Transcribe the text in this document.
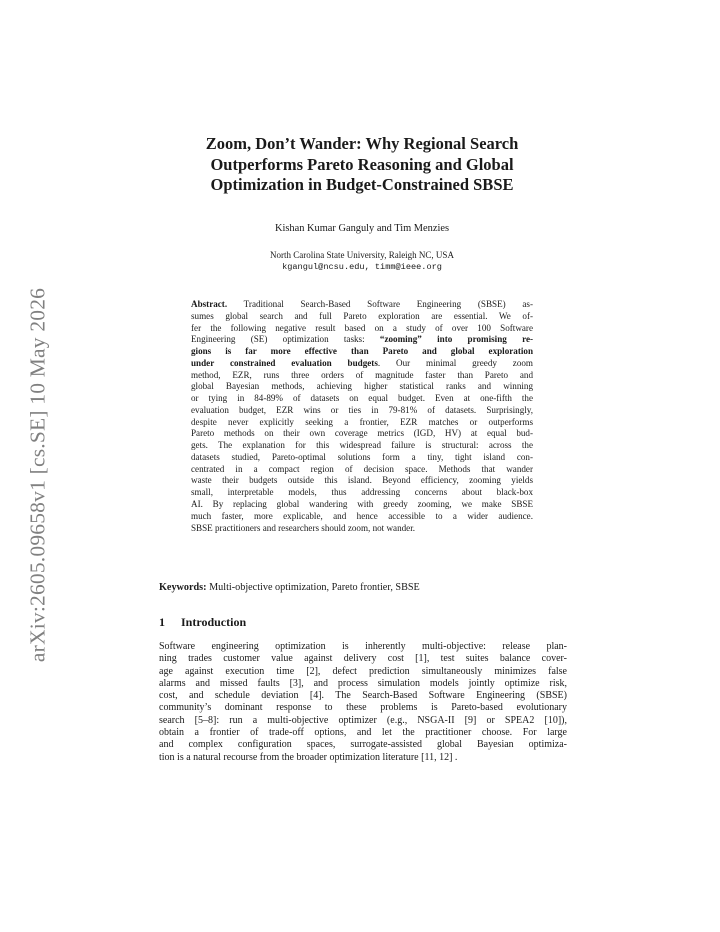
arXiv:2605.09658v1 [cs.SE] 10 May 2026
Zoom, Don’t Wander: Why Regional Search
Outperforms Pareto Reasoning and Global
Optimization in Budget-Constrained SBSE
Kishan Kumar Ganguly and Tim Menzies
North Carolina State University, Raleigh NC, USA
kgangul@ncsu.edu, timm@ieee.org
Abstract. Traditional Search-Based Software Engineering (SBSE) as-
sumes global search and full Pareto exploration are essential. We of-
fer the following negative result based on a study of over 100 Software
Engineering (SE) optimization tasks: “zooming” into promising re-
gions is far more effective than Pareto and global exploration
under constrained evaluation budgets. Our minimal greedy zoom
method, EZR, runs three orders of magnitude faster than Pareto and
global Bayesian methods, achieving higher statistical ranks and winning
or tying in 84-89% of datasets on equal budget. Even at one-fifth the
evaluation budget, EZR wins or ties in 79-81% of datasets. Surprisingly,
despite never explicitly seeking a frontier, EZR matches or outperforms
Pareto methods on their own coverage metrics (IGD, HV) at equal bud-
gets. The explanation for this widespread failure is structural: across the
datasets studied, Pareto-optimal solutions form a tiny, tight island con-
centrated in a compact region of decision space. Methods that wander
waste their budgets outside this island. Beyond efficiency, zooming yields
small, interpretable models, thus addressing concerns about black-box
AI. By replacing global wandering with greedy zooming, we make SBSE
much faster, more explicable, and hence accessible to a wider audience.
SBSE practitioners and researchers should zoom, not wander.
Keywords: Multi-objective optimization, Pareto frontier, SBSE
1 Introduction
Software engineering optimization is inherently multi-objective: release plan-
ning trades customer value against delivery cost [1], test suites balance cover-
age against execution time [2], defect prediction simultaneously minimizes false
alarms and missed faults [3], and process simulation models jointly optimize risk,
cost, and schedule deviation [4]. The Search-Based Software Engineering (SBSE)
community’s dominant response to these problems is Pareto-based evolutionary
search [5–8]: run a multi-objective optimizer (e.g., NSGA-II [9] or SPEA2 [10]),
obtain a frontier of trade-off options, and let the practitioner choose. For large
and complex configuration spaces, surrogate-assisted global Bayesian optimiza-
tion is a natural recourse from the broader optimization literature [11, 12] .
